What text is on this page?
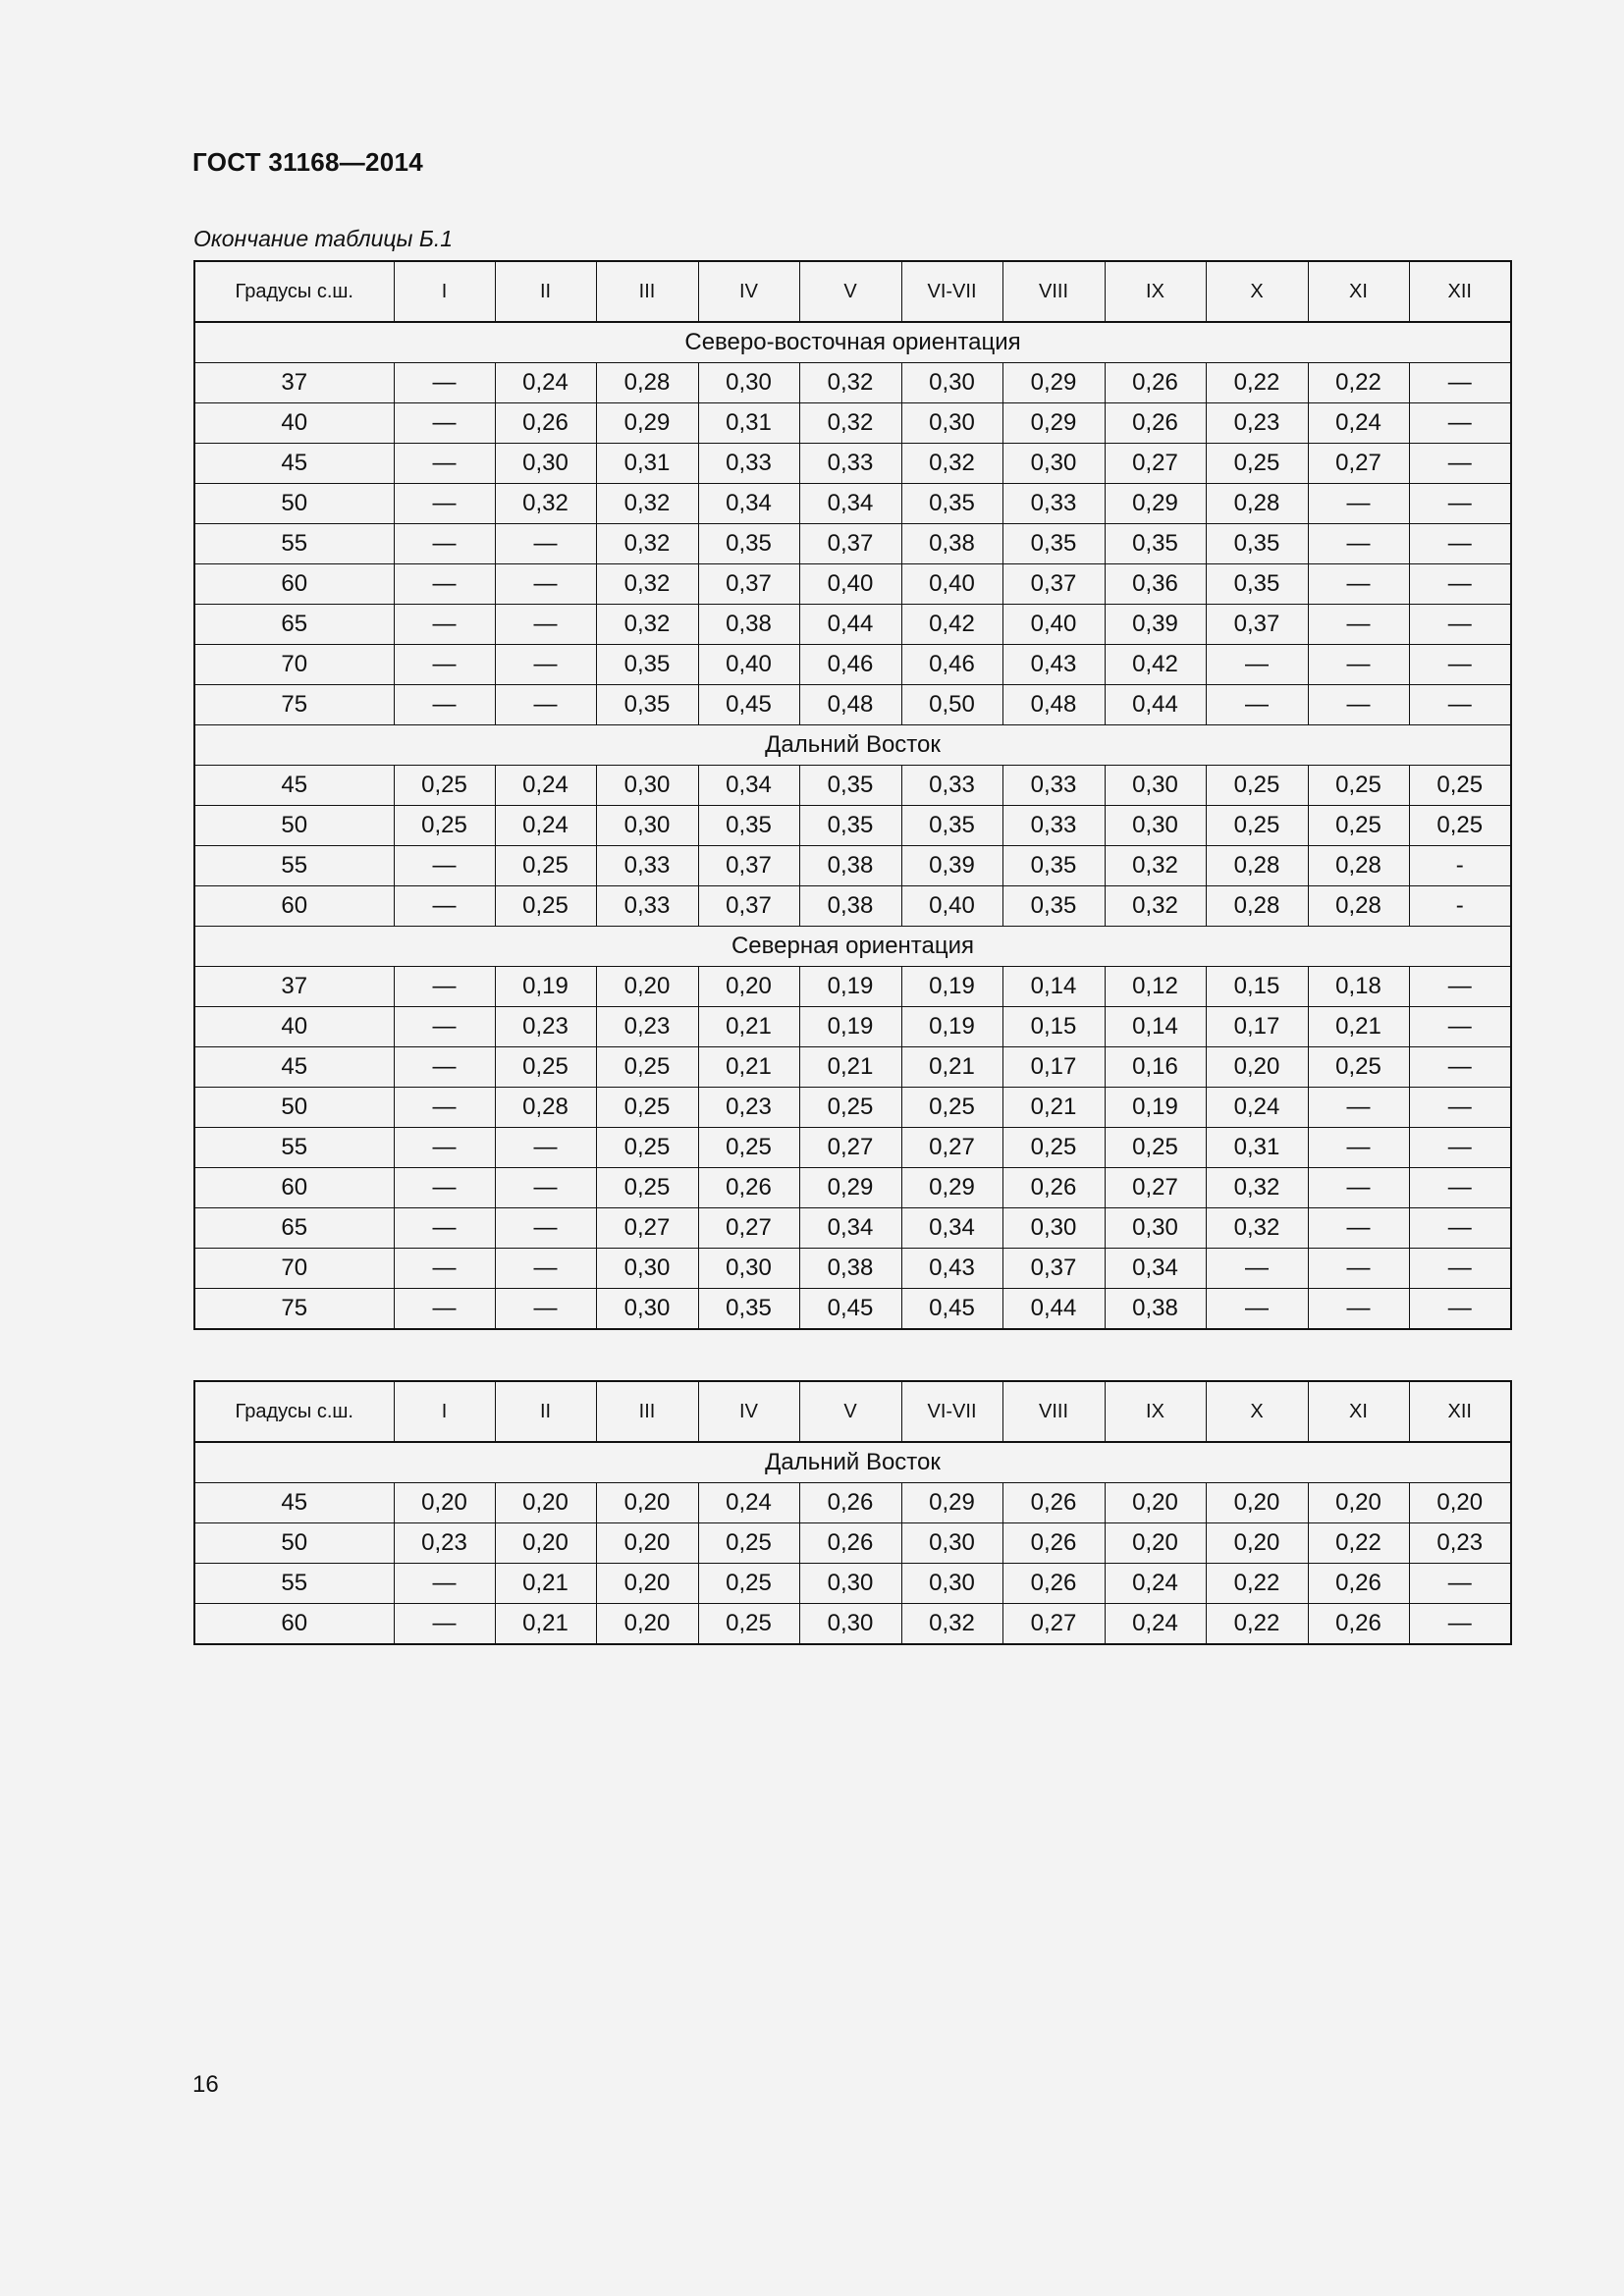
ГОСТ 31168—2014
Окончание таблицы Б.1
Градусы с.ш.	I	II	III	IV	V	VI-VII	VIII	IX	X	XI	XII
Северо-восточная ориентация											
37	—	0,24	0,28	0,30	0,32	0,30	0,29	0,26	0,22	0,22	—
40	—	0,26	0,29	0,31	0,32	0,30	0,29	0,26	0,23	0,24	—
45	—	0,30	0,31	0,33	0,33	0,32	0,30	0,27	0,25	0,27	—
50	—	0,32	0,32	0,34	0,34	0,35	0,33	0,29	0,28	—	—
55	—	—	0,32	0,35	0,37	0,38	0,35	0,35	0,35	—	—
60	—	—	0,32	0,37	0,40	0,40	0,37	0,36	0,35	—	—
65	—	—	0,32	0,38	0,44	0,42	0,40	0,39	0,37	—	—
70	—	—	0,35	0,40	0,46	0,46	0,43	0,42	—	—	—
75	—	—	0,35	0,45	0,48	0,50	0,48	0,44	—	—	—
Дальний Восток											
45	0,25	0,24	0,30	0,34	0,35	0,33	0,33	0,30	0,25	0,25	0,25
50	0,25	0,24	0,30	0,35	0,35	0,35	0,33	0,30	0,25	0,25	0,25
55	—	0,25	0,33	0,37	0,38	0,39	0,35	0,32	0,28	0,28	-
60	—	0,25	0,33	0,37	0,38	0,40	0,35	0,32	0,28	0,28	-
Северная ориентация											
37	—	0,19	0,20	0,20	0,19	0,19	0,14	0,12	0,15	0,18	—
40	—	0,23	0,23	0,21	0,19	0,19	0,15	0,14	0,17	0,21	—
45	—	0,25	0,25	0,21	0,21	0,21	0,17	0,16	0,20	0,25	—
50	—	0,28	0,25	0,23	0,25	0,25	0,21	0,19	0,24	—	—
55	—	—	0,25	0,25	0,27	0,27	0,25	0,25	0,31	—	—
60	—	—	0,25	0,26	0,29	0,29	0,26	0,27	0,32	—	—
65	—	—	0,27	0,27	0,34	0,34	0,30	0,30	0,32	—	—
70	—	—	0,30	0,30	0,38	0,43	0,37	0,34	—	—	—
75	—	—	0,30	0,35	0,45	0,45	0,44	0,38	—	—	—
Градусы с.ш.	I	II	III	IV	V	VI-VII	VIII	IX	X	XI	XII
Дальний Восток											
45	0,20	0,20	0,20	0,24	0,26	0,29	0,26	0,20	0,20	0,20	0,20
50	0,23	0,20	0,20	0,25	0,26	0,30	0,26	0,20	0,20	0,22	0,23
55	—	0,21	0,20	0,25	0,30	0,30	0,26	0,24	0,22	0,26	—
60	—	0,21	0,20	0,25	0,30	0,32	0,27	0,24	0,22	0,26	—
16
